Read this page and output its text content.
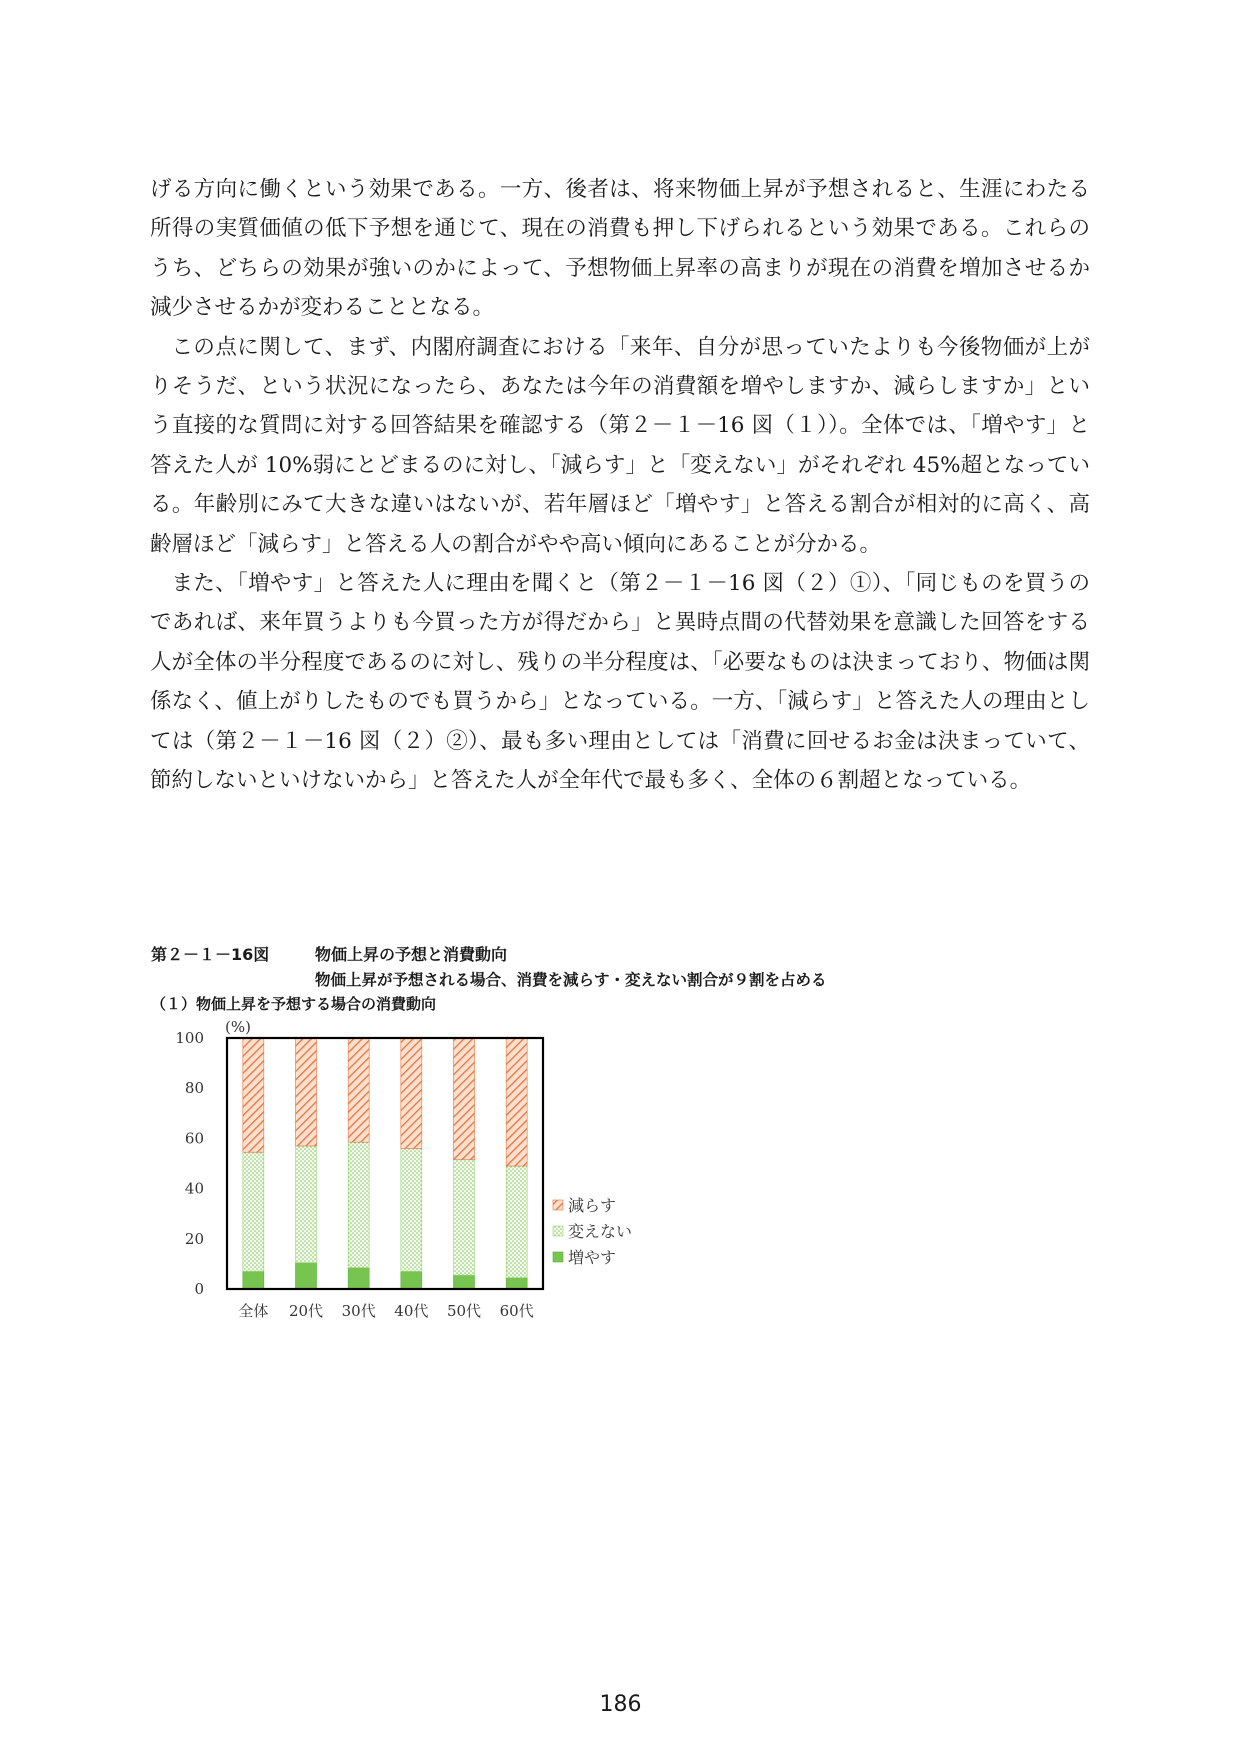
げる方向に働くという効果である。一方、後者は、将来物価上昇が予想されると、生涯にわたる所得の実質価値の低下予想を通じて、現在の消費も押し下げられるという効果である。これらのうち、どちらの効果が強いのかによって、予想物価上昇率の高まりが現在の消費を増加させるか減少させるかが変わることとなる。

この点に関して、まず、内閣府調査における「来年、自分が思っていたよりも今後物価が上がりそうだ、という状況になったら、あなたは今年の消費額を増やしますか、減らしますか」という直接的な質問に対する回答結果を確認する（第２－１－16 図（１））。全体では、「増やす」と答えた人が 10%弱にとどまるのに対し、「減らす」と「変えない」がそれぞれ 45%超となっている。年齢別にみて大きな違いはないが、若年層ほど「増やす」と答える割合が相対的に高く、高齢層ほど「減らす」と答える人の割合がやや高い傾向にあることが分かる。

また、「増やす」と答えた人に理由を聞くと（第２－１－16 図（２）①）、「同じものを買うのであれば、来年買うよりも今買った方が得だから」と異時点間の代替効果を意識した回答をする人が全体の半分程度であるのに対し、残りの半分程度は、「必要なものは決まっており、物価は関係なく、値上がりしたものでも買うから」となっている。一方、「減らす」と答えた人の理由としては（第２－１－16 図（２）②）、最も多い理由としては「消費に回せるお金は決まっていて、節約しないといけないから」と答えた人が全年代で最も多く、全体の６割超となっている。

第２－１－16図	物価上昇の予想と消費動向
物価上昇が予想される場合、消費を減らす・変えない割合が９割を占める
（１）物価上昇を予想する場合の消費動向
全体 20代 30代 40代 50代 60代
0
20
40
60
80
100
(%)
減らす
変えない
増やす
186
